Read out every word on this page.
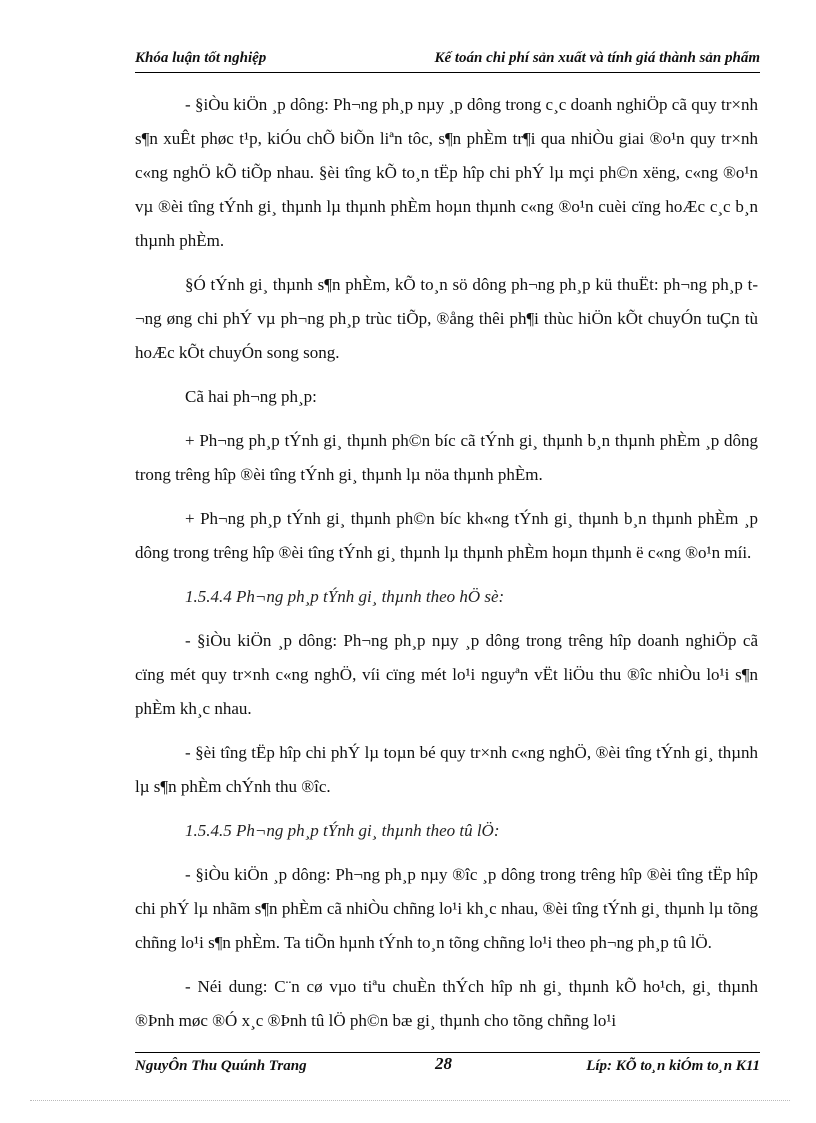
Khóa luận tốt nghiệp	Kế toán chi phí sản xuất và tính giá thành sản phẩm

- §iÒu kiÖn ¸p dông: Ph¬ng ph¸p nµy ¸p dông trong c¸c doanh nghiÖp cã quy tr×nh s¶n xuÊt phøc t¹p, kiÓu chÕ biÕn liªn tôc, s¶n phÈm tr¶i qua nhiÒu giai ®o¹n quy tr×nh c«ng nghÖ kÕ tiÕp nhau. §èi tîng kÕ to¸n tËp hîp chi phÝ lµ mçi ph©n xëng, c«ng ®o¹n vµ ®èi tîng tÝnh gi¸ thµnh lµ thµnh phÈm hoµn thµnh c«ng ®o¹n cuèi cïng hoÆc c¸c b¸n thµnh phÈm.

§Ó tÝnh gi¸ thµnh s¶n phÈm, kÕ to¸n sö dông ph¬ng ph¸p kü thuËt: ph¬ng ph¸p t¬ng øng chi phÝ vµ ph¬ng ph¸p trùc tiÕp, ®ång thêi ph¶i thùc hiÖn kÕt chuyÓn tuÇn tù hoÆc kÕt chuyÓn song song.

Cã hai ph¬ng ph¸p:

+ Ph¬ng ph¸p tÝnh gi¸ thµnh ph©n bíc cã tÝnh gi¸ thµnh b¸n thµnh phÈm ¸p dông trong trêng hîp ®èi tîng tÝnh gi¸ thµnh lµ nöa thµnh phÈm.

+ Ph¬ng ph¸p tÝnh gi¸ thµnh ph©n bíc kh«ng tÝnh gi¸ thµnh b¸n thµnh phÈm ¸p dông trong trêng hîp ®èi tîng tÝnh gi¸ thµnh lµ thµnh phÈm hoµn thµnh ë c«ng ®o¹n míi.

1.5.4.4 Ph¬ng ph¸p tÝnh gi¸ thµnh theo hÖ sè:

- §iÒu kiÖn ¸p dông: Ph¬ng ph¸p nµy ¸p dông trong trêng hîp doanh nghiÖp cã cïng mét quy tr×nh c«ng nghÖ, víi cïng mét lo¹i nguyªn vËt liÖu thu ®îc nhiÒu lo¹i s¶n phÈm kh¸c nhau.

- §èi tîng tËp hîp chi phÝ lµ toµn bé quy tr×nh c«ng nghÖ, ®èi tîng tÝnh gi¸ thµnh lµ s¶n phÈm chÝnh thu ®îc.

1.5.4.5 Ph¬ng ph¸p tÝnh gi¸ thµnh theo tû lÖ:

- §iÒu kiÖn ¸p dông: Ph¬ng ph¸p nµy ®îc ¸p dông trong trêng hîp ®èi tîng tËp hîp chi phÝ lµ nhãm s¶n phÈm cã nhiÒu chñng lo¹i kh¸c nhau, ®èi tîng tÝnh gi¸ thµnh lµ tõng chñng lo¹i s¶n phÈm. Ta tiÕn hµnh tÝnh to¸n tõng chñng lo¹i theo ph¬ng ph¸p tû lÖ.

- Néi dung: C¨n cø vµo tiªu chuÈn thÝch hîp nh gi¸ thµnh kÕ ho¹ch, gi¸ thµnh ®Þnh møc ®Ó x¸c ®Þnh tû lÖ ph©n bæ gi¸ thµnh cho tõng chñng lo¹i

NguyÔn Thu Quúnh Trang	28	Líp: KÕ to¸n kiÓm to¸n K11
